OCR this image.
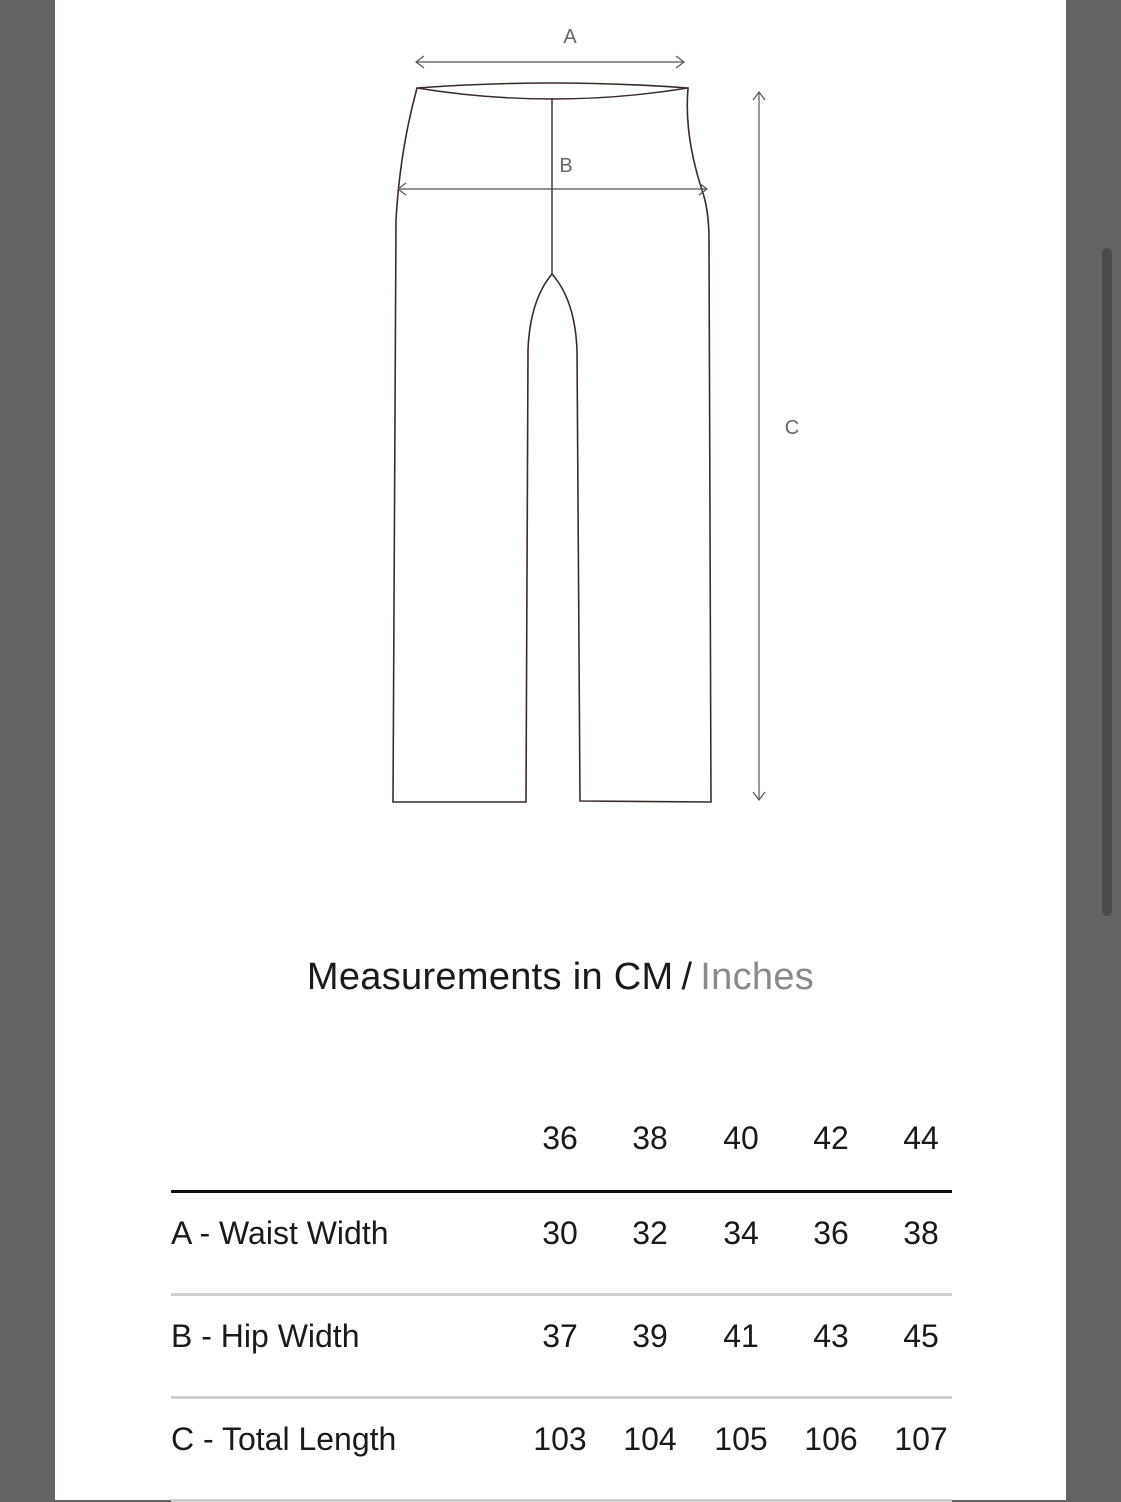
A
B
C
Measurements in CM / Inches
36	38	40	42	44
A - Waist Width	30	32	34	36	38
B - Hip Width	37	39	41	43	45
C - Total Length	103	104	105	106	107
